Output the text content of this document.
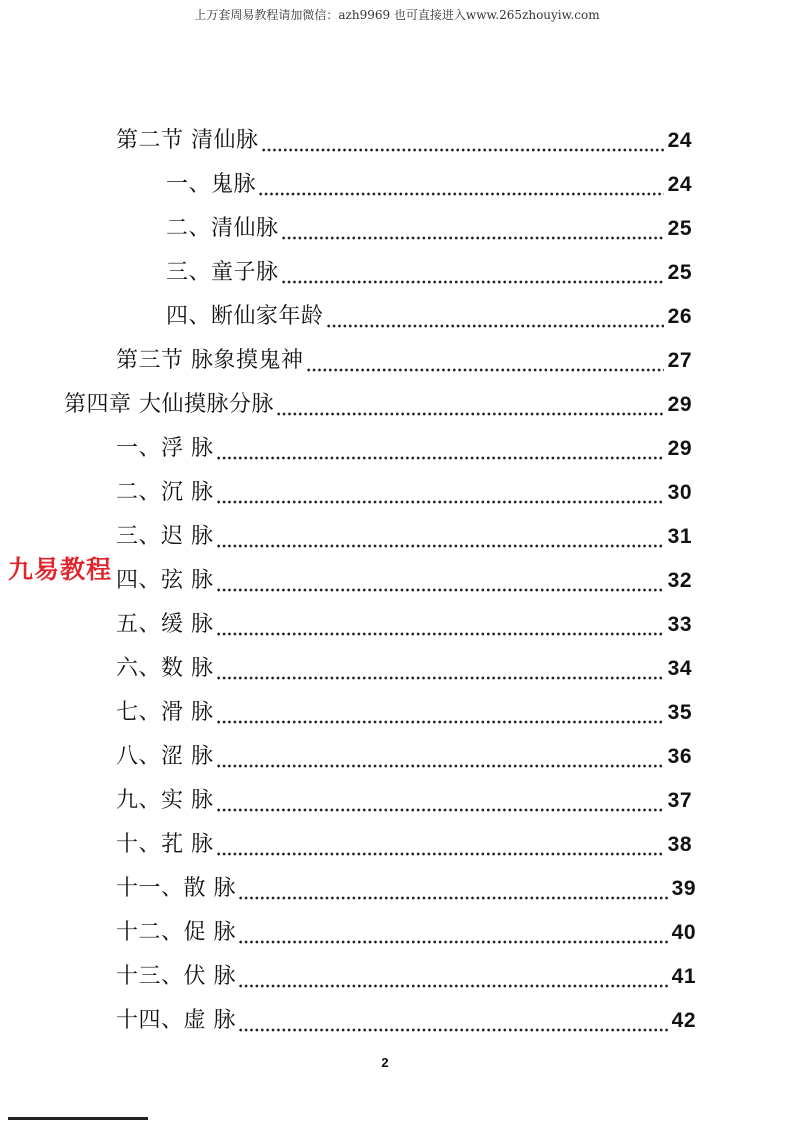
上万套周易教程请加微信：azh9969 也可直接进入www.265zhouyiw.com
第二节 清仙脉	24
一、鬼脉	24
二、清仙脉	25
三、童子脉	25
四、断仙家年龄	26
第三节 脉象摸鬼神	27
第四章 大仙摸脉分脉	29
一、浮 脉	29
二、沉 脉	30
三、迟 脉	31
四、弦 脉	32
五、缓 脉	33
六、数 脉	34
七、滑 脉	35
八、涩 脉	36
九、实 脉	37
十、芤 脉	38
十一、散 脉	39
十二、促 脉	40
十三、伏 脉	41
十四、虚 脉	42
九易教程
2
